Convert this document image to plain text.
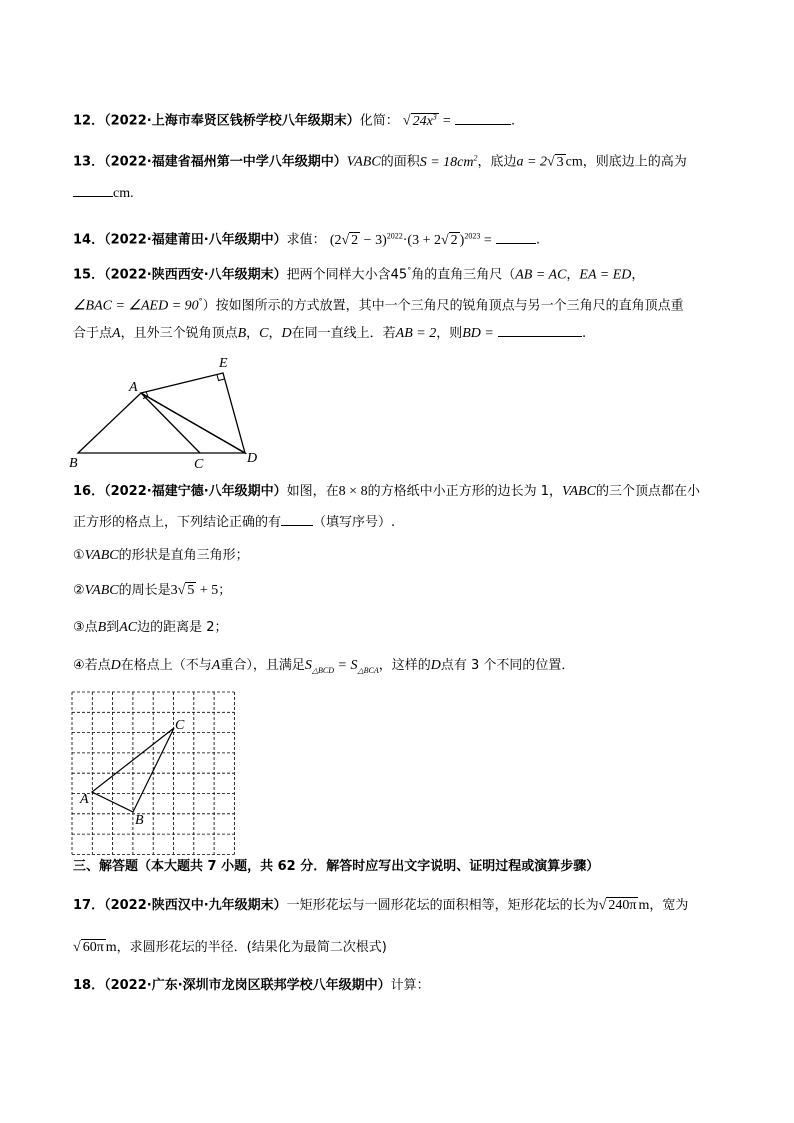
12．（2022·上海市奉贤区钱桥学校八年级期末）化简： √ $24x^3$ =	.
13．（2022·福建省福州第一中学八年级期中）VABC的面积$S = 18cm^2$，底边a = 2√ 3 cm，则底边上的高为
cm.
14．（2022·福建莆田·八年级期中）求值： (2√ 2 − 3)$^{2022}$·(3 + 2√ 2 )$^{2023}$ =	.
15．（2022·陕西西安·八年级期末）把两个同样大小含45°角的直角三角尺（AB = AC，EA = ED，
∠BAC = ∠AED = 90°）按如图所示的方式放置，其中一个三角尺的锐角顶点与另一个三角尺的直角顶点重
合于点A，且外三个锐角顶点B，C，D在同一直线上．若AB = 2，则BD =	.
A
E
B	C	D
16．（2022·福建宁德·八年级期中）如图，在8 × 8的方格纸中小正方形的边长为 1，VABC的三个顶点都在小
正方形的格点上，下列结论正确的有 （填写序号）.
①VABC的形状是直角三角形；
②VABC的周长是3√ 5 + 5；
③点B到AC边的距离是 2；
④若点D在格点上（不与A重合），且满足$S_{\triangle BCD} = S_{\triangle BCA}$，这样的D点有 3 个不同的位置．
C
A
B
三、解答题（本大题共 7 小题，共 62 分．解答时应写出文字说明、证明过程或演算步骤）
17．（2022·陕西汉中·九年级期末）一矩形花坛与一圆形花坛的面积相等，矩形花坛的长为√ 240π m，宽为
√ 60π m，求圆形花坛的半径．(结果化为最简二次根式)
18．（2022·广东·深圳市龙岗区联邦学校八年级期中）计算：
